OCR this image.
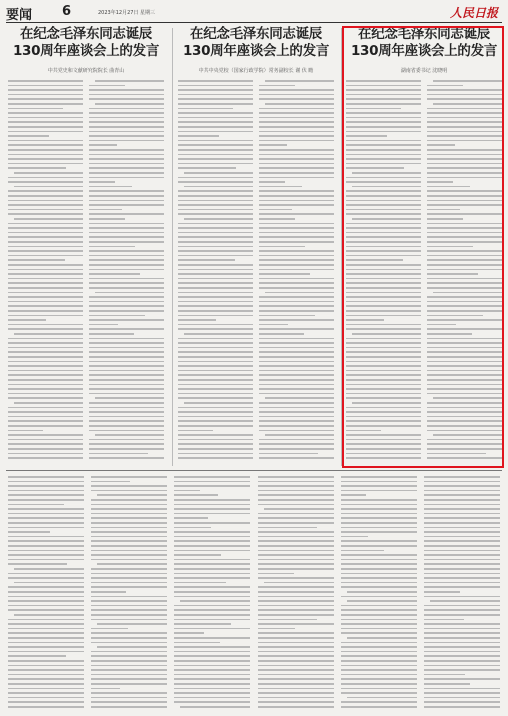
要闻 6	2023年12月27日 星期三	人民日报
在纪念毛泽东同志诞辰
130周年座谈会上的发言
中共党史和文献研究院院长 曲青山
在纪念毛泽东同志诞辰
130周年座谈会上的发言
中共中央党校（国家行政学院）常务副校长 谢 伏 瞻
在纪念毛泽东同志诞辰
130周年座谈会上的发言
湖南省委书记 沈晓明
